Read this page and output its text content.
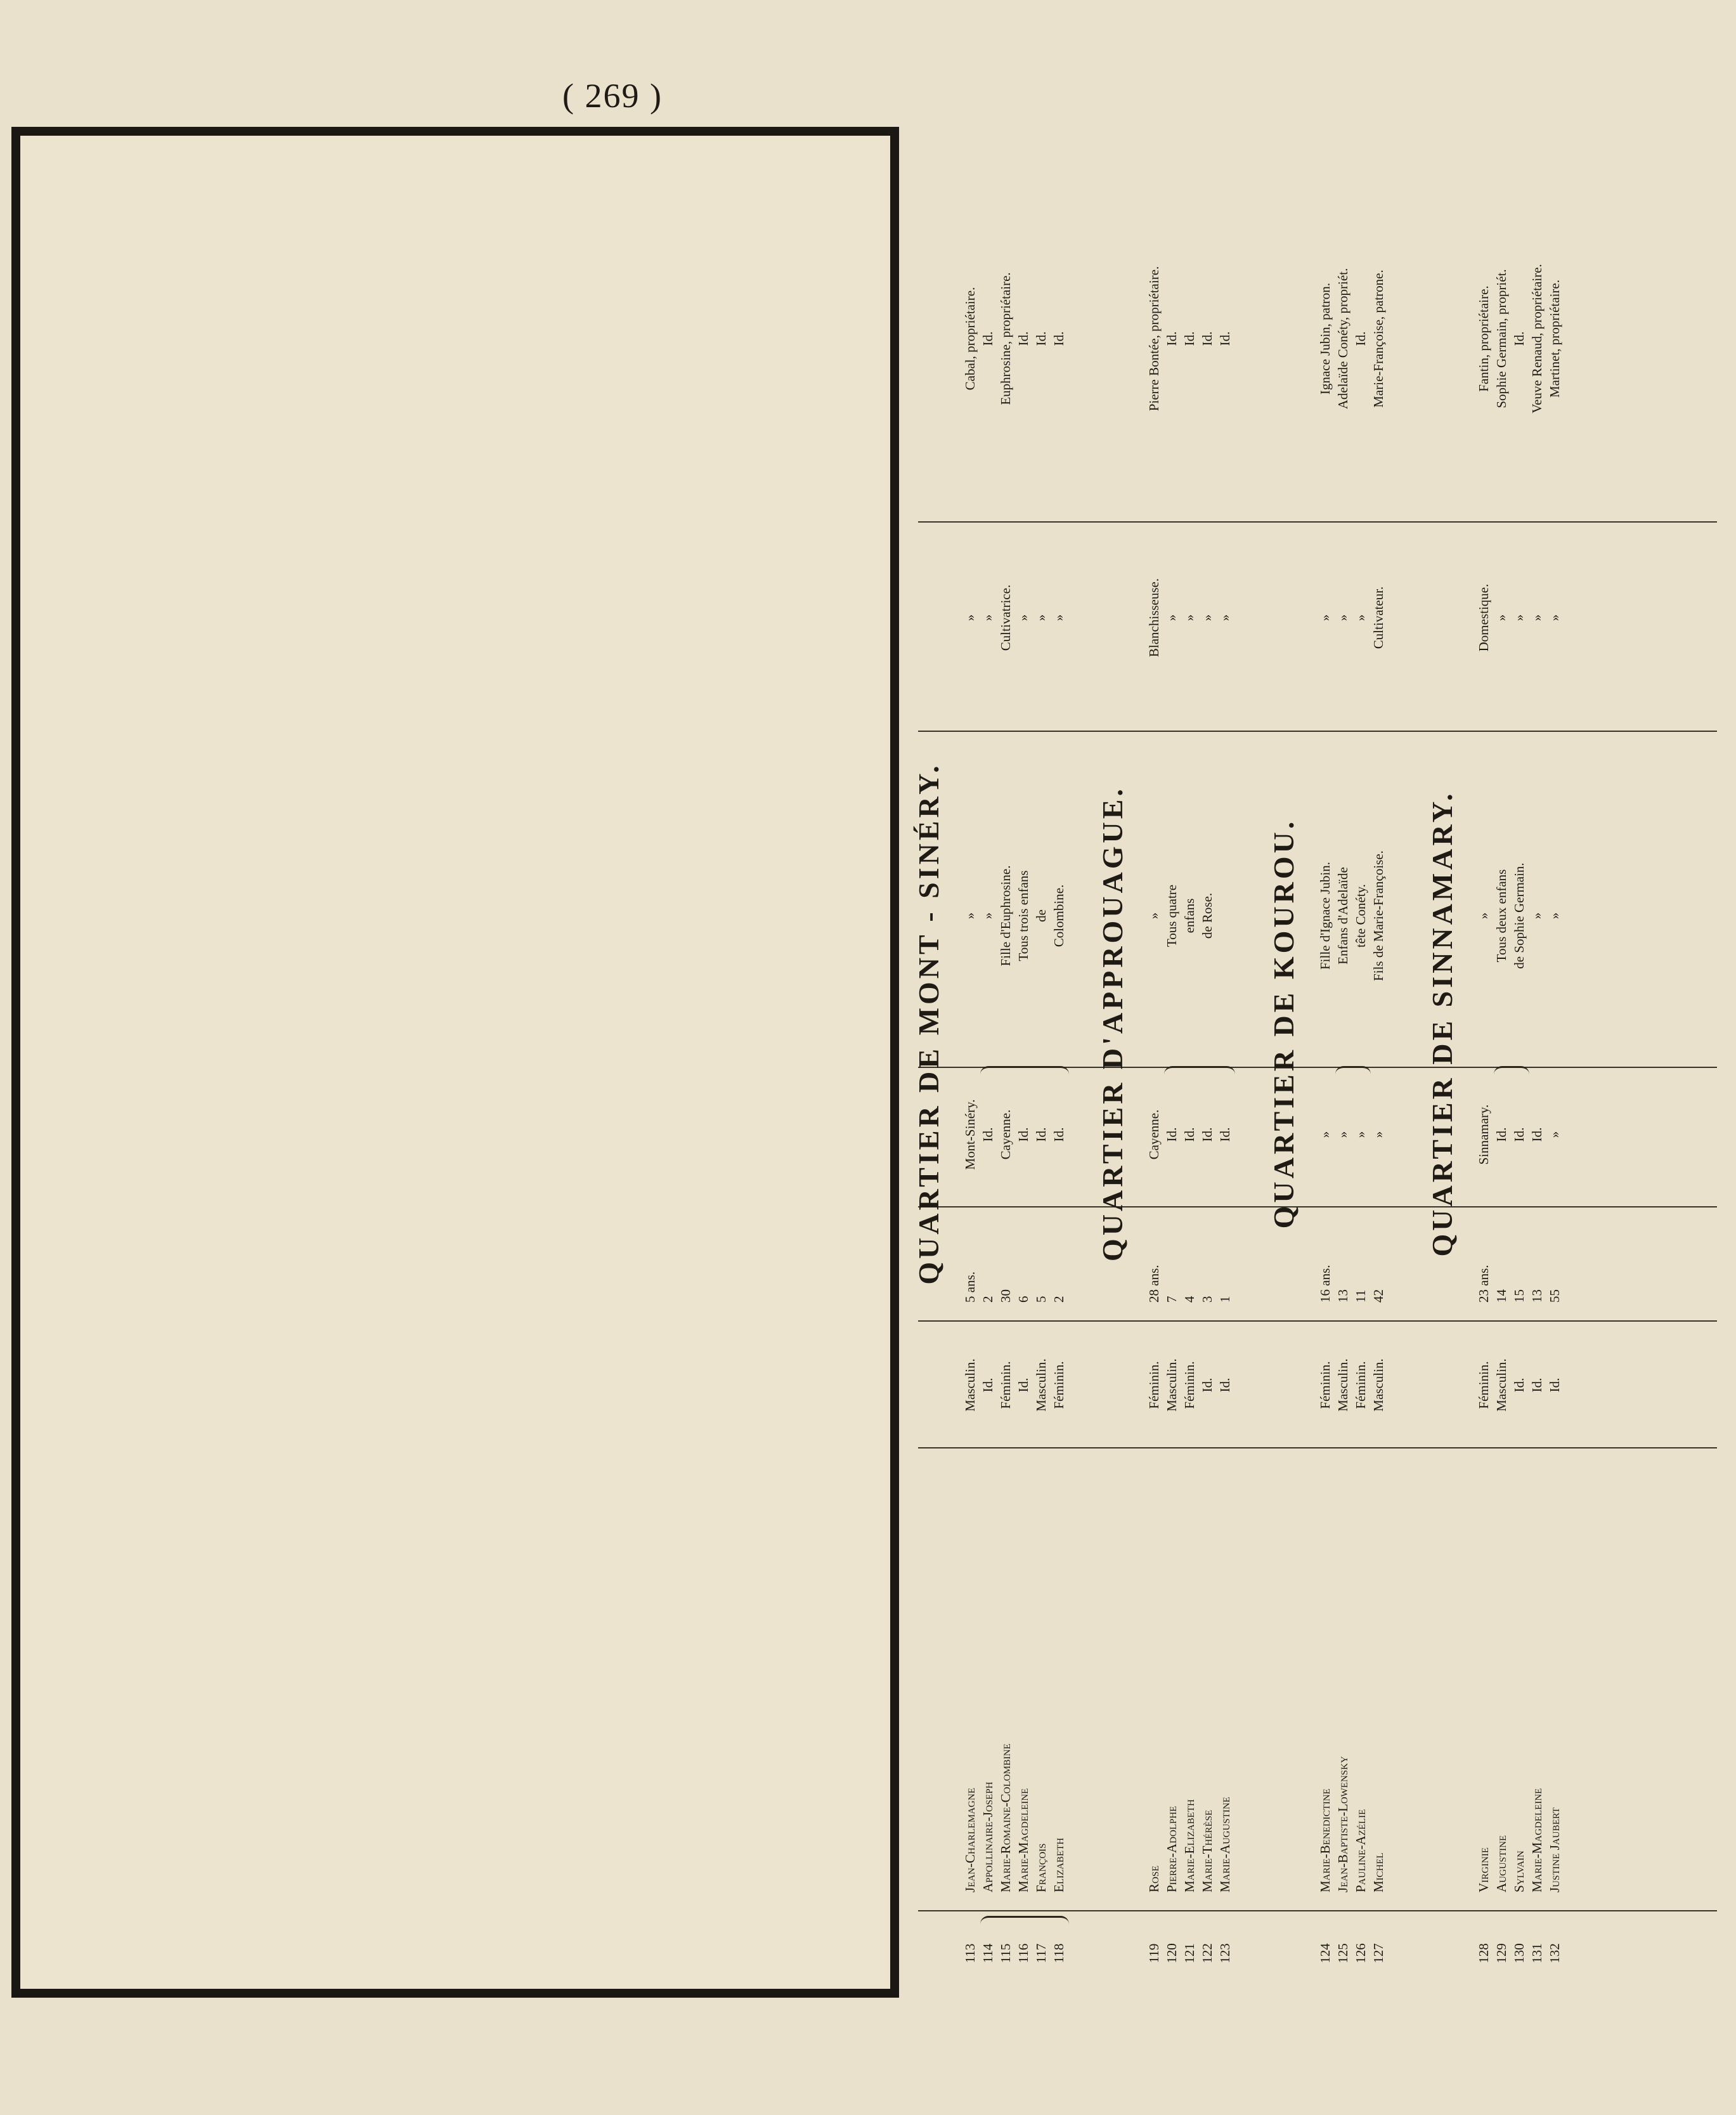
( 269 )
QUARTIER DE MONT - SINÉRY.
113
Jean-Charlemagne
Masculin.
5 ans.
Mont-Sinéry.
»
»
Cabal, propriétaire.
114
Appollinaire-Joseph
Id.
2
Id.
»
»
Id.
115
Marie-Romaine-Colombine
Féminin.
30
Cayenne.
Fille d'Euphrosine.
Cultivatrice.
Euphrosine, propriétaire.
116
Marie-Magdeleine
Id.
6
Id.
Tous trois enfans
»
Id.
117
François
Masculin.
5
Id.
de
»
Id.
118
Elizabeth
Féminin.
2
Id.
Colombine.
»
Id.
QUARTIER D'APPROUAGUE.
119
Rose
Féminin.
28 ans.
Cayenne.
»
Blanchisseuse.
Pierre Bontée, propriétaire.
120
Pierre-Adolphe
Masculin.
7
Id.
Tous quatre
»
Id.
121
Marie-Elizabeth
Féminin.
4
Id.
enfans
»
Id.
122
Marie-Thérèse
Id.
3
Id.
de Rose.
»
Id.
123
Marie-Augustine
Id.
1
Id.
»
Id.
QUARTIER DE KOUROU.
124
Marie-Benedictine
Féminin.
16 ans.
»
Fille d'Ignace Jubin.
»
Ignace Jubin, patron.
125
Jean-Baptiste-Lowensky
Masculin.
13
»
Enfans d'Adelaïde
»
Adelaïde Conéty, propriét.
126
Pauline-Azélie
Féminin.
11
»
tête Conéty.
»
Id.
127
Michel
Masculin.
42
»
Fils de Marie-Françoise.
Cultivateur.
Marie-Françoise, patrone.
QUARTIER DE SINNAMARY.
128
Virginie
Féminin.
23 ans.
Sinnamary.
»
Domestique.
Fantin, propriétaire.
129
Augustine
Masculin.
14
Id.
Tous deux enfans
»
Sophie Germain, propriét.
130
Sylvain
Id.
15
Id.
de Sophie Germain.
»
Id.
131
Marie-Magdeleine
Id.
13
Id.
»
»
Veuve Renaud, propriétaire.
132
Justine Jaubert
Id.
55
»
»
»
Martinet, propriétaire.
